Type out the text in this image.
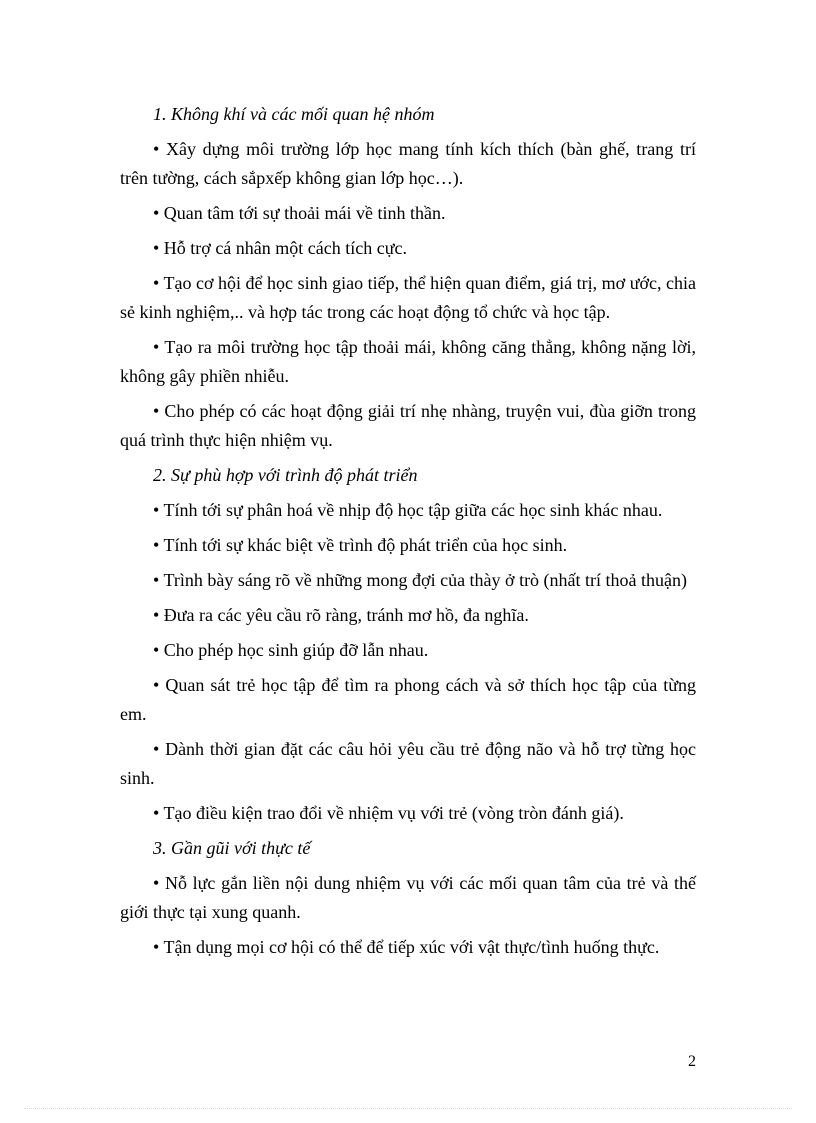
1. Không khí và các mối quan hệ nhóm

• Xây dựng môi trường lớp học mang tính kích thích (bàn ghế, trang trí trên tường, cách sắpxếp không gian lớp học…).

• Quan tâm tới sự thoải mái về tinh thần.

• Hỗ trợ cá nhân một cách tích cực.

• Tạo cơ hội để học sinh giao tiếp, thể hiện quan điểm, giá trị, mơ ước, chia sẻ kinh nghiệm,.. và hợp tác trong các hoạt động tổ chức và học tập.

• Tạo ra môi trường học tập thoải mái, không căng thẳng, không nặng lời, không gây phiền nhiễu.

• Cho phép có các hoạt động giải trí nhẹ nhàng, truyện vui, đùa giỡn trong quá trình thực hiện nhiệm vụ.

2. Sự phù hợp với trình độ phát triển

• Tính tới sự phân hoá về nhịp độ học tập giữa các học sinh khác nhau.

• Tính tới sự khác biệt về trình độ phát triển của học sinh.

• Trình bày sáng rõ về những mong đợi của thày ở trò (nhất trí thoả thuận)

• Đưa ra các yêu cầu rõ ràng, tránh mơ hồ, đa nghĩa.

• Cho phép học sinh giúp đỡ lẫn nhau.

• Quan sát trẻ học tập để tìm ra phong cách và sở thích học tập của từng em.

• Dành thời gian đặt các câu hỏi yêu cầu trẻ động não và hỗ trợ từng học sinh.

• Tạo điều kiện trao đổi về nhiệm vụ với trẻ (vòng tròn đánh giá).

3. Gần gũi với thực tế

• Nỗ lực gắn liền nội dung nhiệm vụ với các mối quan tâm của trẻ và thế giới thực tại xung quanh.

• Tận dụng mọi cơ hội có thể để tiếp xúc với vật thực/tình huống thực.

2
